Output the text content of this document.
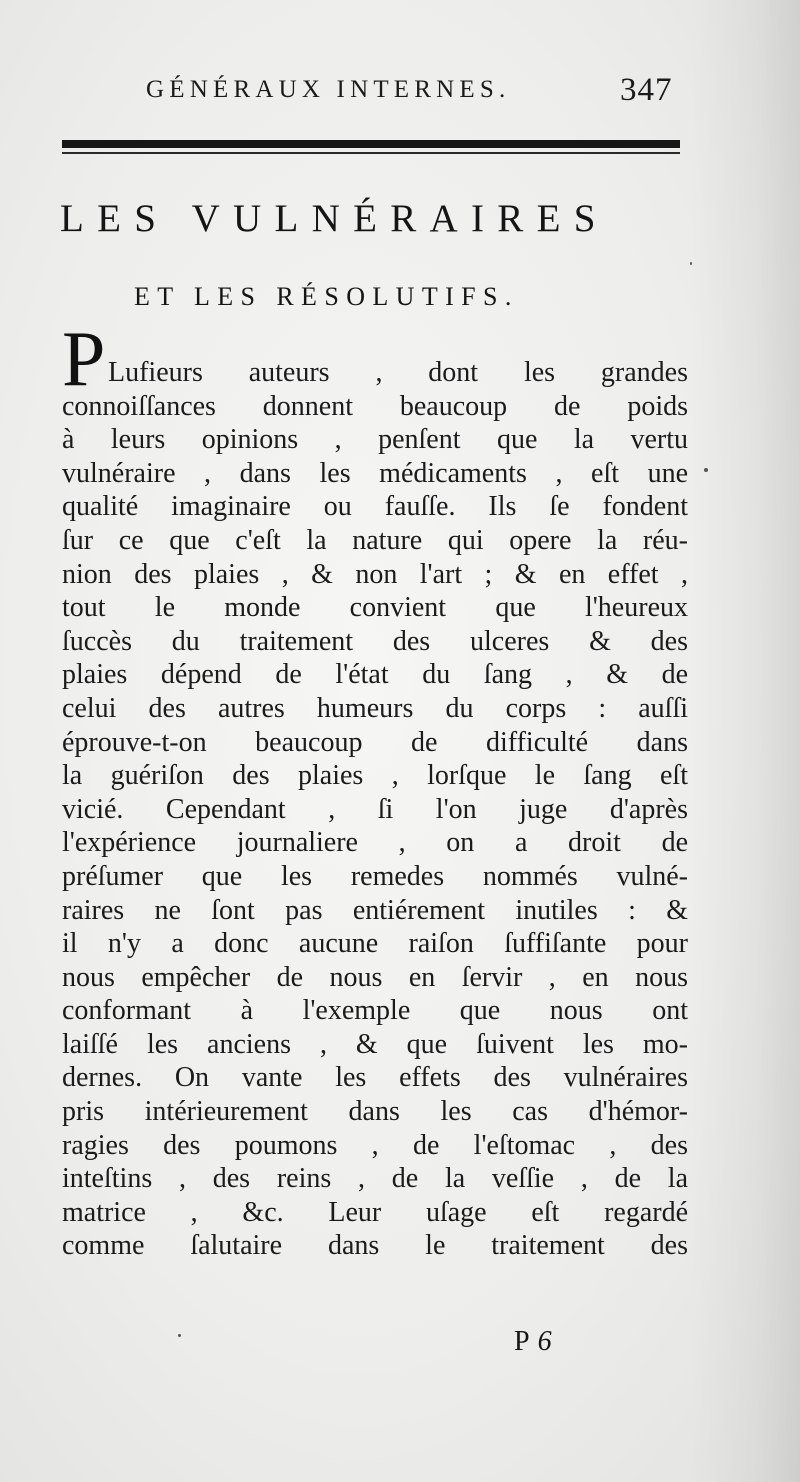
GÉNÉRAUX INTERNES.	347
LES VULNÉRAIRES
ET LES RÉSOLUTIFS.
P Lufieurs auteurs , dont les grandes
connoiſſances donnent beaucoup de poids
à leurs opinions , penſent que la vertu
vulnéraire , dans les médicaments , eſt une
qualité imaginaire ou fauſſe. Ils ſe fondent
ſur ce que c'eſt la nature qui opere la réu-
nion des plaies , & non l'art ; & en effet ,
tout le monde convient que l'heureux
ſuccès du traitement des ulceres & des
plaies dépend de l'état du ſang , & de
celui des autres humeurs du corps : auſſi
éprouve-t-on beaucoup de difficulté dans
la guériſon des plaies , lorſque le ſang eſt
vicié. Cependant , ſi l'on juge d'après
l'expérience journaliere , on a droit de
préſumer que les remedes nommés vulné-
raires ne ſont pas entiérement inutiles : &
il n'y a donc aucune raiſon ſuffiſante pour
nous empêcher de nous en ſervir , en nous
conformant à l'exemple que nous ont
laiſſé les anciens , & que ſuivent les mo-
dernes. On vante les effets des vulnéraires
pris intérieurement dans les cas d'hémor-
ragies des poumons , de l'eſtomac , des
inteſtins , des reins , de la veſſie , de la
matrice , &c. Leur uſage eſt regardé
comme ſalutaire dans le traitement des
P 6
